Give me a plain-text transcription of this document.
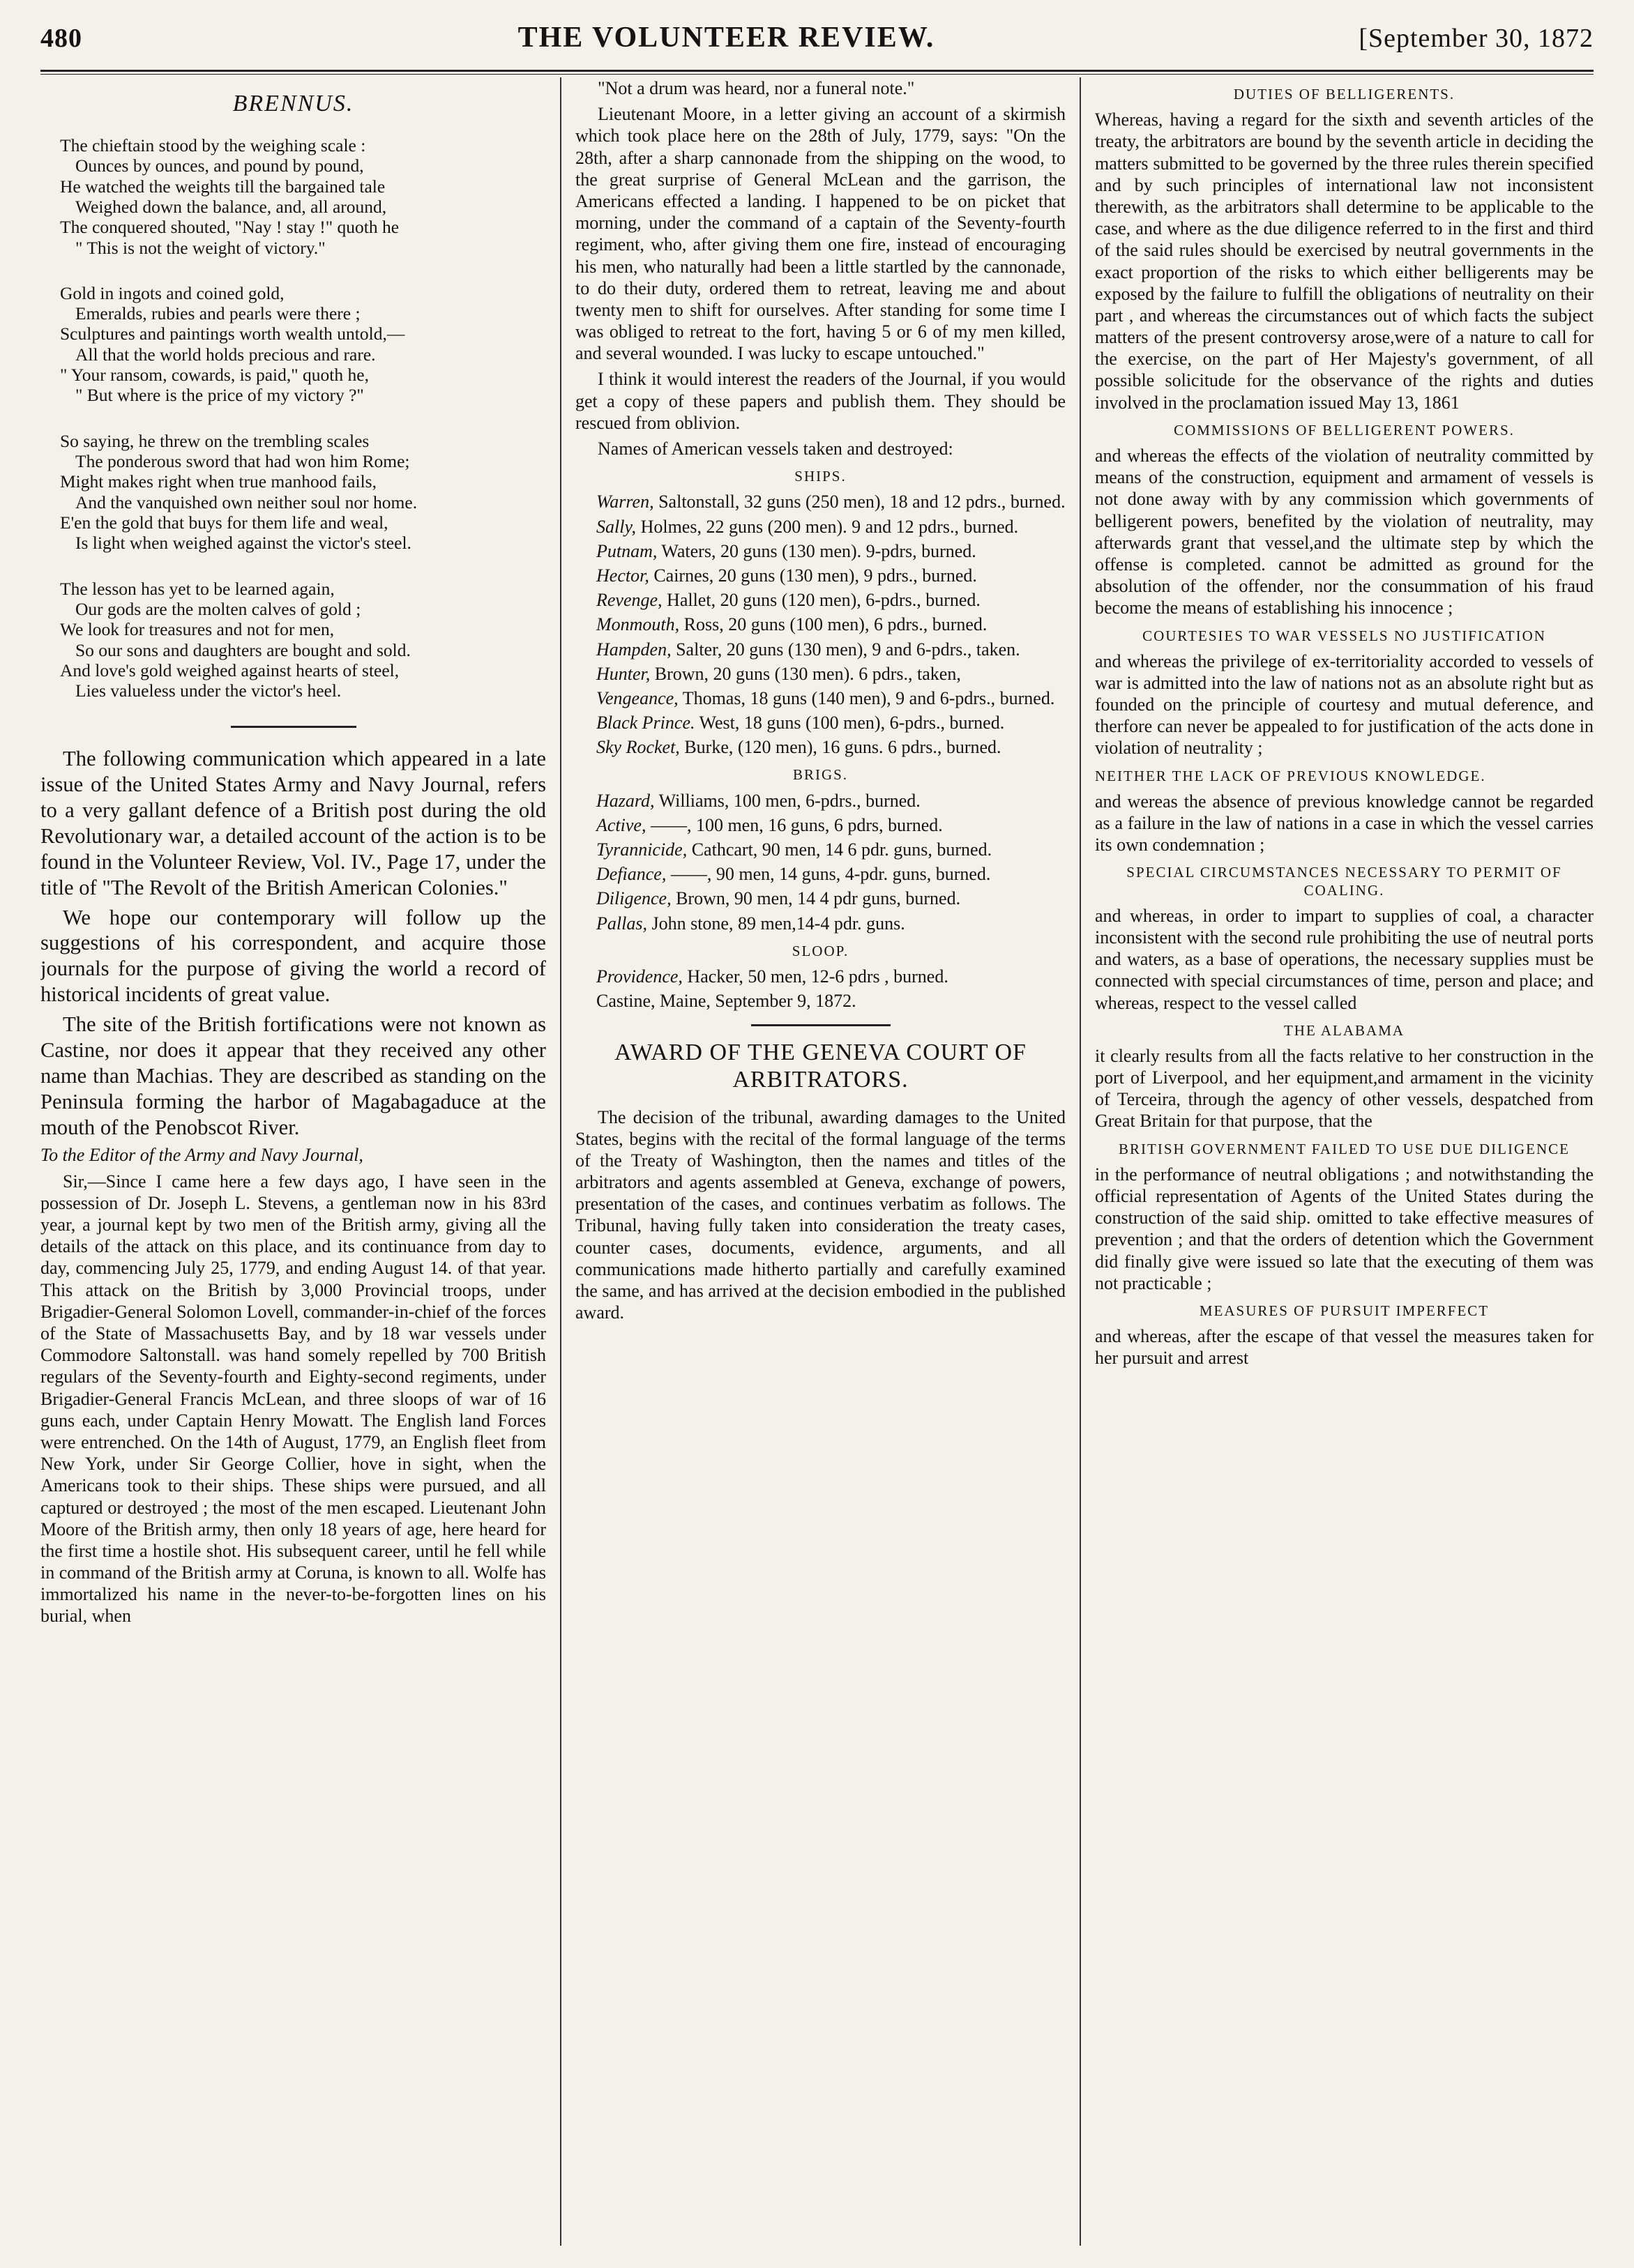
480	THE VOLUNTEER REVIEW.	[September 30, 1872
BRENNUS.
The chieftain stood by the weighing scale :
Ounces by ounces, and pound by pound,
He watched the weights till the bargained tale
Weighed down the balance, and, all around,
The conquered shouted, "Nay ! stay !" quoth he
" This is not the weight of victory."
Gold in ingots and coined gold,
Emeralds, rubies and pearls were there ;
Sculptures and paintings worth wealth untold,—
All that the world holds precious and rare.
" Your ransom, cowards, is paid," quoth he,
" But where is the price of my victory ?"
So saying, he threw on the trembling scales
The ponderous sword that had won him Rome;
Might makes right when true manhood fails,
And the vanquished own neither soul nor home.
E'en the gold that buys for them life and weal,
Is light when weighed against the victor's steel.
The lesson has yet to be learned again,
Our gods are the molten calves of gold ;
We look for treasures and not for men,
So our sons and daughters are bought and sold.
And love's gold weighed against hearts of steel,
Lies valueless under the victor's heel.

The following communication which appeared in a late issue of the United States Army and Navy Journal, refers to a very gallant defence of a British post during the old Revolutionary war, a detailed account of the action is to be found in the Volunteer Review, Vol. IV., Page 17, under the title of "The Revolt of the British American Colonies."

We hope our contemporary will follow up the suggestions of his correspondent, and acquire those journals for the purpose of giving the world a record of historical incidents of great value.

The site of the British fortifications were not known as Castine, nor does it appear that they received any other name than Machias. They are described as standing on the Peninsula forming the harbor of Magabagaduce at the mouth of the Penobscot River.

To the Editor of the Army and Navy Journal,

Sir,—Since I came here a few days ago, I have seen in the possession of Dr. Joseph L. Stevens, a gentleman now in his 83rd year, a journal kept by two men of the British army, giving all the details of the attack on this place, and its continuance from day to day, commencing July 25, 1779, and ending August 14. of that year. This attack on the British by 3,000 Provincial troops, under Brigadier-General Solomon Lovell, commander-in-chief of the forces of the State of Massachusetts Bay, and by 18 war vessels under Commodore Saltonstall. was hand somely repelled by 700 British regulars of the Seventy-fourth and Eighty-second regiments, under Brigadier-General Francis McLean, and three sloops of war of 16 guns each, under Captain Henry Mowatt. The English land Forces were entrenched. On the 14th of August, 1779, an English fleet from New York, under Sir George Collier, hove in sight, when the Americans took to their ships. These ships were pursued, and all captured or destroyed ; the most of the men escaped. Lieutenant John Moore of the British army, then only 18 years of age, here heard for the first time a hostile shot. His subsequent career, until he fell while in command of the British army at Coruna, is known to all. Wolfe has immortalized his name in the never-to-be-forgotten lines on his burial, when

"Not a drum was heard, nor a funeral note."

Lieutenant Moore, in a letter giving an account of a skirmish which took place here on the 28th of July, 1779, says: "On the 28th, after a sharp cannonade from the shipping on the wood, to the great surprise of General McLean and the garrison, the Americans effected a landing. I happened to be on picket that morning, under the command of a captain of the Seventy-fourth regiment, who, after giving them one fire, instead of encouraging his men, who naturally had been a little startled by the cannonade, to do their duty, ordered them to retreat, leaving me and about twenty men to shift for ourselves. After standing for some time I was obliged to retreat to the fort, having 5 or 6 of my men killed, and several wounded. I was lucky to escape untouched."

I think it would interest the readers of the Journal, if you would get a copy of these papers and publish them. They should be rescued from oblivion.

Names of American vessels taken and destroyed:

SHIPS.

Warren, Saltonstall, 32 guns (250 men), 18 and 12 pdrs., burned.

Sally, Holmes, 22 guns (200 men). 9 and 12 pdrs., burned.

Putnam, Waters, 20 guns (130 men). 9-pdrs, burned.

Hector, Cairnes, 20 guns (130 men), 9 pdrs., burned.

Revenge, Hallet, 20 guns (120 men), 6-pdrs., burned.

Monmouth, Ross, 20 guns (100 men), 6 pdrs., burned.

Hampden, Salter, 20 guns (130 men), 9 and 6-pdrs., taken.

Hunter, Brown, 20 guns (130 men). 6 pdrs., taken,

Vengeance, Thomas, 18 guns (140 men), 9 and 6-pdrs., burned.

Black Prince. West, 18 guns (100 men), 6-pdrs., burned.

Sky Rocket, Burke, (120 men), 16 guns. 6 pdrs., burned.

BRIGS.

Hazard, Williams, 100 men, 6-pdrs., burned.

Active, ——, 100 men, 16 guns, 6 pdrs, burned.

Tyrannicide, Cathcart, 90 men, 14 6 pdr. guns, burned.

Defiance, ——, 90 men, 14 guns, 4-pdr. guns, burned.

Diligence, Brown, 90 men, 14 4 pdr guns, burned.

Pallas, John stone, 89 men,14-4 pdr. guns.

SLOOP.

Providence, Hacker, 50 men, 12-6 pdrs , burned.

Castine, Maine, September 9, 1872.
AWARD OF THE GENEVA COURT OF ARBITRATORS.

The decision of the tribunal, awarding damages to the United States, begins with the recital of the formal language of the terms of the Treaty of Washington, then the names and titles of the arbitrators and agents assembled at Geneva, exchange of powers, presentation of the cases, and continues verbatim as follows. The Tribunal, having fully taken into consideration the treaty cases, counter cases, documents, evidence, arguments, and all communications made hitherto partially and carefully examined the same, and has arrived at the decision embodied in the published award.

DUTIES OF BELLIGERENTS.

Whereas, having a regard for the sixth and seventh articles of the treaty, the arbitrators are bound by the seventh article in deciding the matters submitted to be governed by the three rules therein specified and by such principles of international law not inconsistent therewith, as the arbitrators shall determine to be applicable to the case, and where as the due diligence referred to in the first and third of the said rules should be exercised by neutral governments in the exact proportion of the risks to which either belligerents may be exposed by the failure to fulfill the obligations of neutrality on their part , and whereas the circumstances out of which facts the subject matters of the present controversy arose,were of a nature to call for the exercise, on the part of Her Majesty's government, of all possible solicitude for the observance of the rights and duties involved in the proclamation issued May 13, 1861

COMMISSIONS OF BELLIGERENT POWERS.

and whereas the effects of the violation of neutrality committed by means of the construction, equipment and armament of vessels is not done away with by any commission which governments of belligerent powers, benefited by the violation of neutrality, may afterwards grant that vessel,and the ultimate step by which the offense is completed. cannot be admitted as ground for the absolution of the offender, nor the consummation of his fraud become the means of establishing his innocence ;

COURTESIES TO WAR VESSELS NO JUSTIFICATION

and whereas the privilege of ex-territoriality accorded to vessels of war is admitted into the law of nations not as an absolute right but as founded on the principle of courtesy and mutual deference, and therfore can never be appealed to for justification of the acts done in violation of neutrality ;

NEITHER THE LACK OF PREVIOUS KNOWLEDGE.

and wereas the absence of previous knowledge cannot be regarded as a failure in the law of nations in a case in which the vessel carries its own condemnation ;

SPECIAL CIRCUMSTANCES NECESSARY TO PERMIT OF COALING.

and whereas, in order to impart to supplies of coal, a character inconsistent with the second rule prohibiting the use of neutral ports and waters, as a base of operations, the necessary supplies must be connected with special circumstances of time, person and place; and whereas, respect to the vessel called

THE ALABAMA

it clearly results from all the facts relative to her construction in the port of Liverpool, and her equipment,and armament in the vicinity of Terceira, through the agency of other vessels, despatched from Great Britain for that purpose, that the

BRITISH GOVERNMENT FAILED TO USE DUE DILIGENCE

in the performance of neutral obligations ; and notwithstanding the official representation of Agents of the United States during the construction of the said ship. omitted to take effective measures of prevention ; and that the orders of detention which the Government did finally give were issued so late that the executing of them was not practicable ;

MEASURES OF PURSUIT IMPERFECT

and whereas, after the escape of that vessel the measures taken for her pursuit and arrest
